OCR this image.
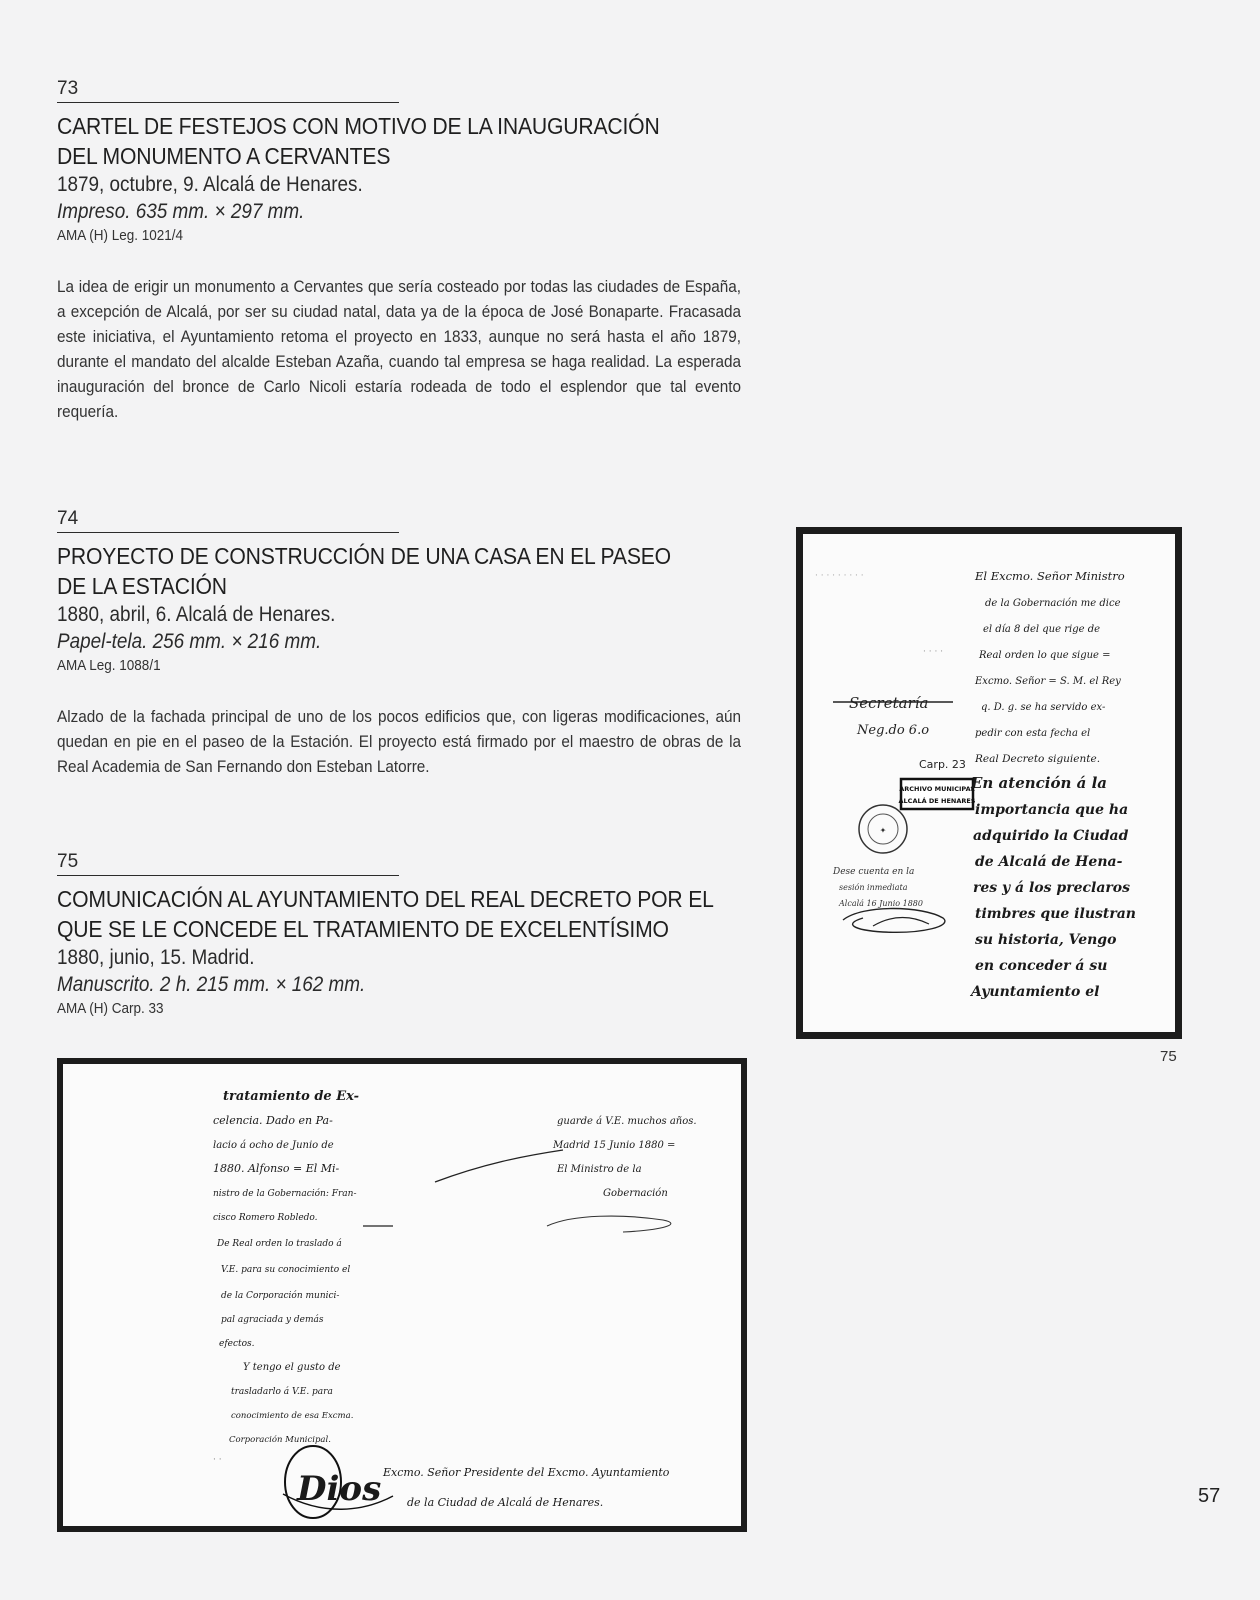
73
CARTEL DE FESTEJOS CON MOTIVO DE LA INAUGURACIÓN
DEL MONUMENTO A CERVANTES
1879, octubre, 9. Alcalá de Henares.
Impreso. 635 mm. × 297 mm.
AMA (H) Leg. 1021/4
La idea de erigir un monumento a Cervantes que sería costeado por todas las ciudades de España, a excepción de Alcalá, por ser su ciudad natal, data ya de la época de José Bonaparte. Fracasada este iniciativa, el Ayuntamiento retoma el proyecto en 1833, aunque no será hasta el año 1879, durante el mandato del alcalde Esteban Azaña, cuando tal empresa se haga realidad. La esperada inauguración del bronce de Carlo Nicoli estaría rodeada de todo el esplendor que tal evento requería.
74
PROYECTO DE CONSTRUCCIÓN DE UNA CASA EN EL PASEO
DE LA ESTACIÓN
1880, abril, 6. Alcalá de Henares.
Papel-tela. 256 mm. × 216 mm.
AMA Leg. 1088/1
Alzado de la fachada principal de uno de los pocos edificios que, con ligeras modificaciones, aún quedan en pie en el paseo de la Estación. El proyecto está firmado por el maestro de obras de la Real Academia de San Fernando don Esteban Latorre.
75
COMUNICACIÓN AL AYUNTAMIENTO DEL REAL DECRETO POR EL
QUE SE LE CONCEDE EL TRATAMIENTO DE EXCELENTÍSIMO
1880, junio, 15. Madrid.
Manuscrito. 2 h. 215 mm. × 162 mm.
AMA (H) Carp. 33
Secretaría
Neg.do 6.o
Carp. 23
ARCHIVO MUNICIPAL
ALCALÁ DE HENARES
✦
Dese cuenta en la
sesión inmediata
Alcalá 16 Junio 1880
· · · · · · · · ·
· · · ·
El Excmo. Señor Ministro
de la Gobernación me dice
el día 8 del que rige de
Real orden lo que sigue =
Excmo. Señor = S. M. el Rey
q. D. g. se ha servido ex-
pedir con esta fecha el
Real Decreto siguiente.
En atención á la
importancia que ha
adquirido la Ciudad
de Alcalá de Hena-
res y á los preclaros
timbres que ilustran
su historia, Vengo
en conceder á su
Ayuntamiento el
75
tratamiento de Ex-
celencia. Dado en Pa-
lacio á ocho de Junio de
1880. Alfonso = El Mi-
nistro de la Gobernación: Fran-
cisco Romero Robledo.
De Real orden lo traslado á
V.E. para su conocimiento el
de la Corporación munici-
pal agraciada y demás
efectos.
Y tengo el gusto de
trasladarlo á V.E. para
conocimiento de esa Excma.
Corporación Municipal.
guarde á V.E. muchos años.
Madrid 15 Junio 1880 =
El Ministro de la
Gobernación
Dios Excmo. Señor Presidente del Excmo. Ayuntamiento
de la Ciudad de Alcalá de Henares.
· ·
57
